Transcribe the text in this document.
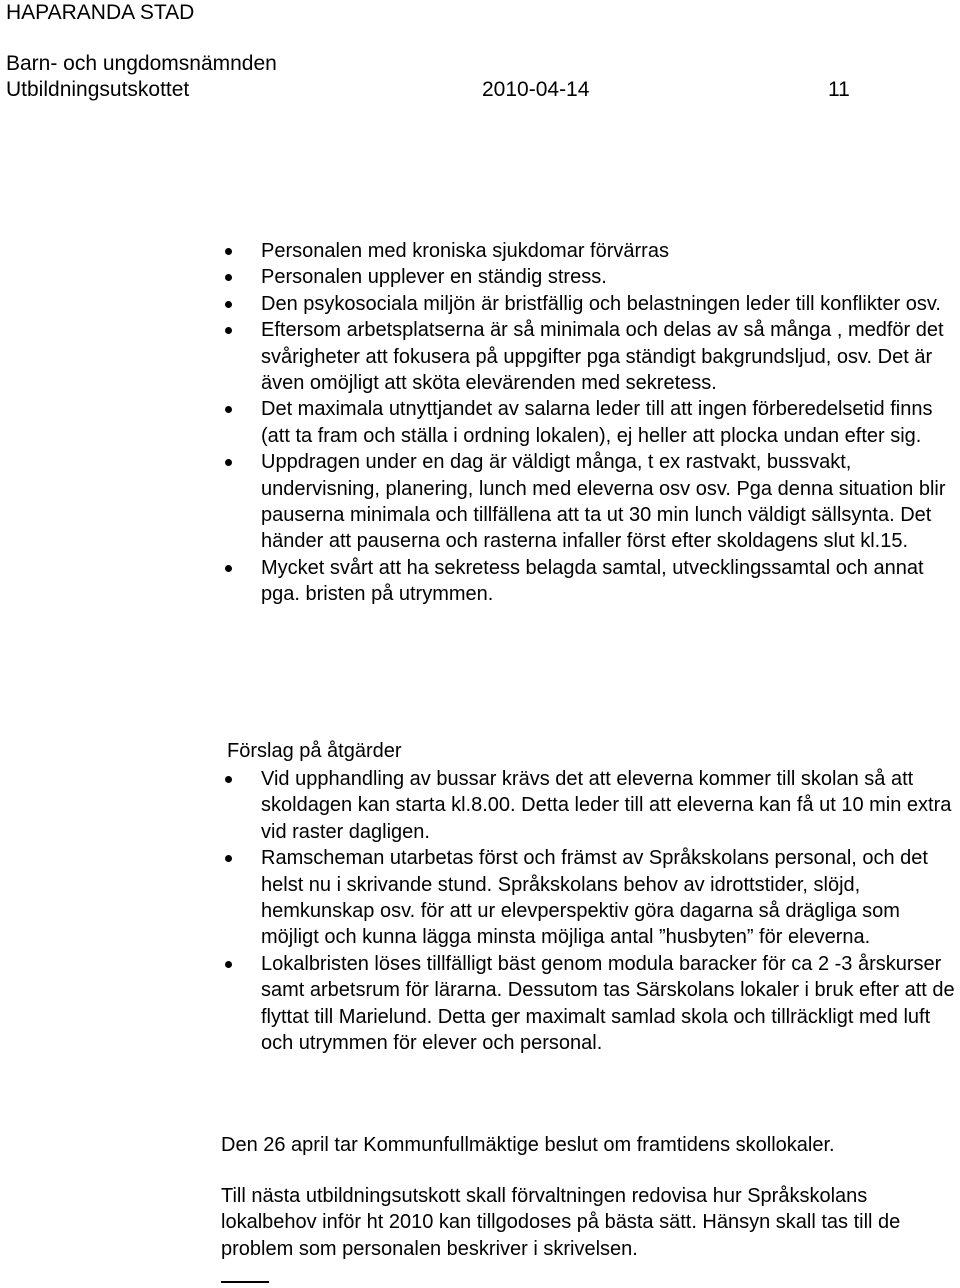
HAPARANDA STAD
Barn- och ungdomsnämnden
Utbildningsutskottet	2010-04-14	11
Personalen med kroniska sjukdomar förvärras
Personalen upplever en ständig stress.
Den psykosociala miljön är bristfällig och belastningen leder till konflikter osv.
Eftersom arbetsplatserna är så minimala och delas av så många , medför det svårigheter att fokusera på uppgifter pga ständigt bakgrundsljud, osv. Det är även omöjligt att sköta elevärenden med sekretess.
Det maximala utnyttjandet av salarna leder till att ingen förberedelsetid finns (att ta fram och ställa i ordning lokalen), ej heller att plocka undan efter sig.
Uppdragen under en dag är väldigt många, t ex rastvakt, bussvakt, undervisning, planering, lunch med eleverna osv osv. Pga denna situation blir pauserna minimala och tillfällena att ta ut 30 min lunch väldigt sällsynta. Det händer att pauserna och rasterna infaller först efter skoldagens slut kl.15.
Mycket svårt att ha sekretess belagda samtal, utvecklingssamtal och annat pga. bristen på utrymmen.
Förslag på åtgärder
Vid upphandling av bussar krävs det att eleverna kommer till skolan så att skoldagen kan starta kl.8.00. Detta leder till att eleverna kan få ut 10 min extra vid raster dagligen.
Ramscheman utarbetas först och främst av Språkskolans personal, och det helst nu i skrivande stund. Språkskolans behov av idrottstider, slöjd, hemkunskap osv. för att ur elevperspektiv göra dagarna så drägliga som möjligt och kunna lägga minsta möjliga antal ”husbyten” för eleverna.
Lokalbristen löses tillfälligt bäst genom modula baracker för ca 2 -3 årskurser samt arbetsrum för lärarna. Dessutom tas Särskolans lokaler i bruk efter att de flyttat till Marielund. Detta ger maximalt samlad skola och tillräckligt med luft och utrymmen för elever och personal.

Den 26 april tar Kommunfullmäktige beslut om framtidens skollokaler.

Till nästa utbildningsutskott skall förvaltningen redovisa hur Språkskolans lokalbehov inför ht 2010 kan tillgodoses på bästa sätt. Hänsyn skall tas till de problem som personalen beskriver i skrivelsen.
